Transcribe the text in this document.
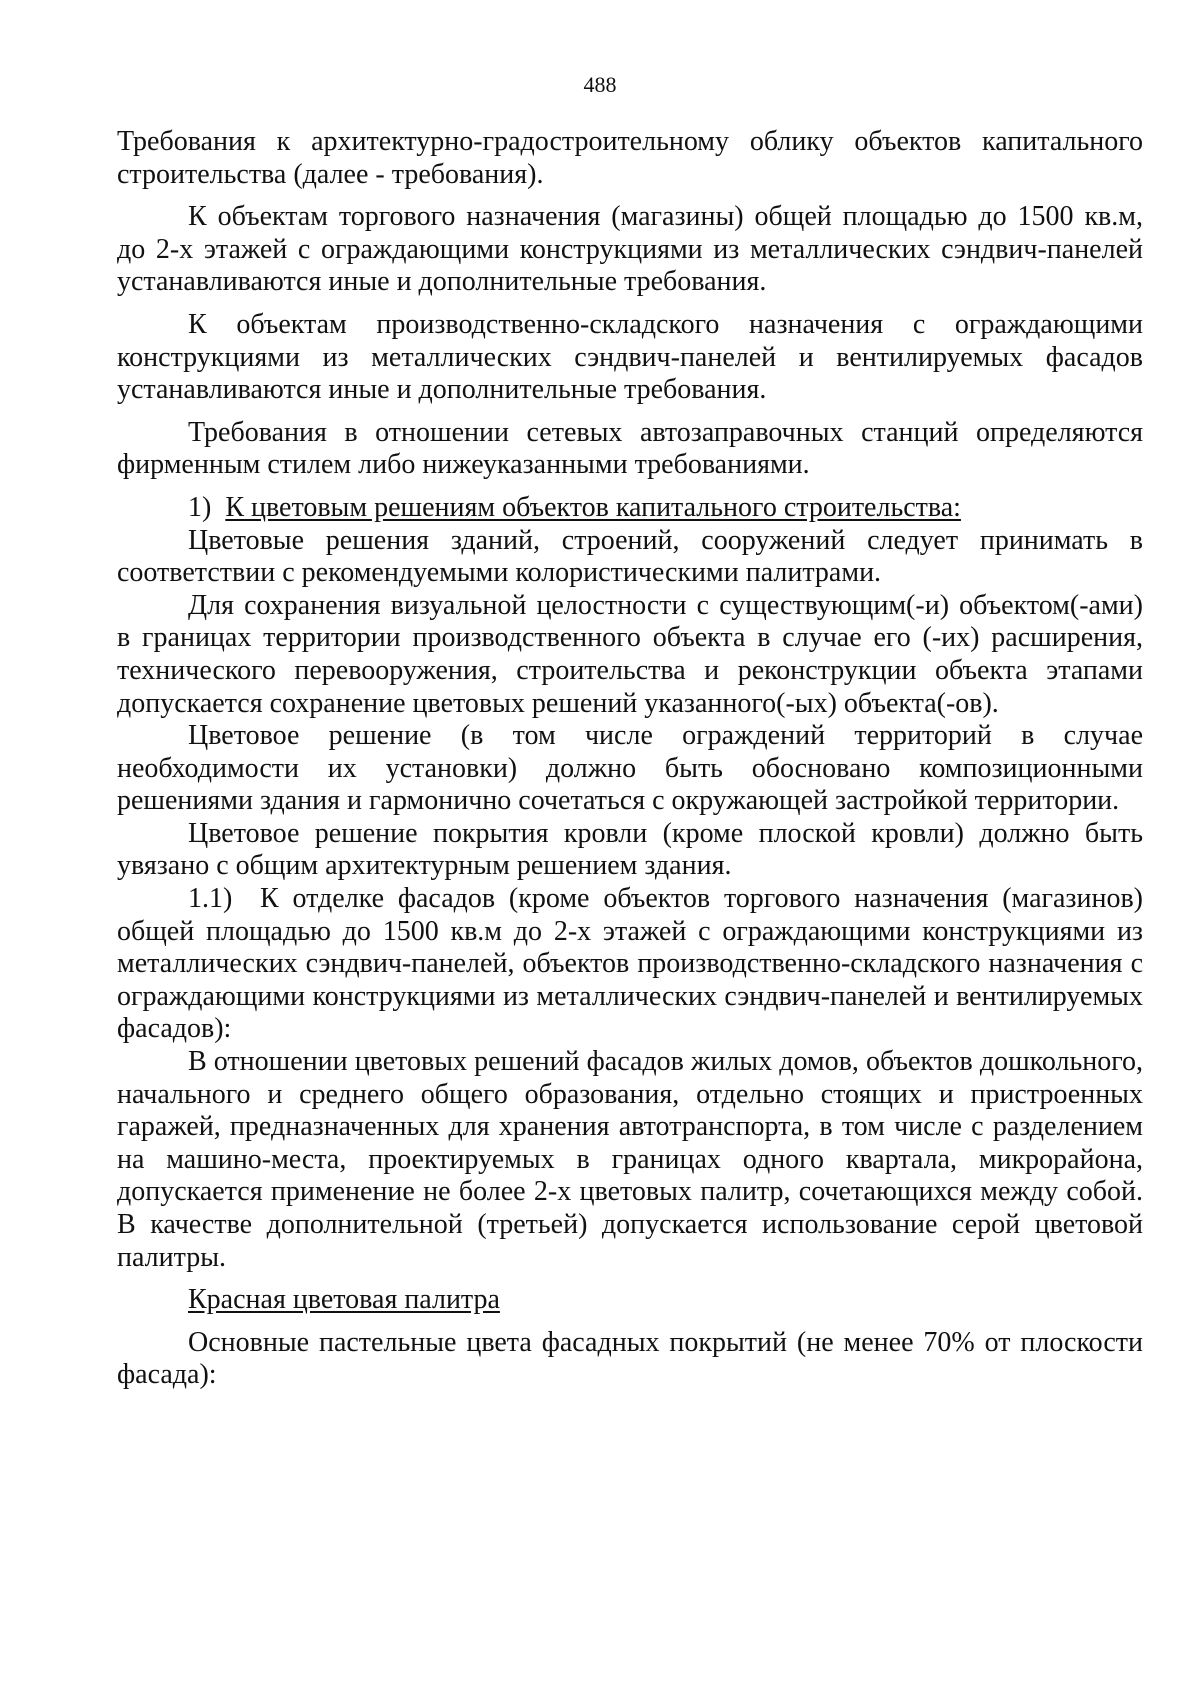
488

Требования к архитектурно-градостроительному облику объектов капитального строительства (далее - требования).

К объектам торгового назначения (магазины) общей площадью до 1500 кв.м, до 2-х этажей с ограждающими конструкциями из металлических сэндвич-панелей устанавливаются иные и дополнительные требования.

К объектам производственно-складского назначения с ограждающими конструкциями из металлических сэндвич-панелей и вентилируемых фасадов устанавливаются иные и дополнительные требования.

Требования в отношении сетевых автозаправочных станций определяются фирменным стилем либо нижеуказанными требованиями.

1) К цветовым решениям объектов капитального строительства:

Цветовые решения зданий, строений, сооружений следует принимать в соответствии с рекомендуемыми колористическими палитрами.

Для сохранения визуальной целостности с существующим(-и) объектом(-ами) в границах территории производственного объекта в случае его (-их) расширения, технического перевооружения, строительства и реконструкции объекта этапами допускается сохранение цветовых решений указанного(-ых) объекта(-ов).

Цветовое решение (в том числе ограждений территорий в случае необходимости их установки) должно быть обосновано композиционными решениями здания и гармонично сочетаться с окружающей застройкой территории.

Цветовое решение покрытия кровли (кроме плоской кровли) должно быть увязано с общим архитектурным решением здания.

1.1) К отделке фасадов (кроме объектов торгового назначения (магазинов) общей площадью до 1500 кв.м до 2-х этажей с ограждающими конструкциями из металлических сэндвич-панелей, объектов производственно-складского назначения с ограждающими конструкциями из металлических сэндвич-панелей и вентилируемых фасадов):

В отношении цветовых решений фасадов жилых домов, объектов дошкольного, начального и среднего общего образования, отдельно стоящих и пристроенных гаражей, предназначенных для хранения автотранспорта, в том числе с разделением на машино-места, проектируемых в границах одного квартала, микрорайона, допускается применение не более 2-х цветовых палитр, сочетающихся между собой. В качестве дополнительной (третьей) допускается использование серой цветовой палитры.

Красная цветовая палитра

Основные пастельные цвета фасадных покрытий (не менее 70% от плоскости фасада):
